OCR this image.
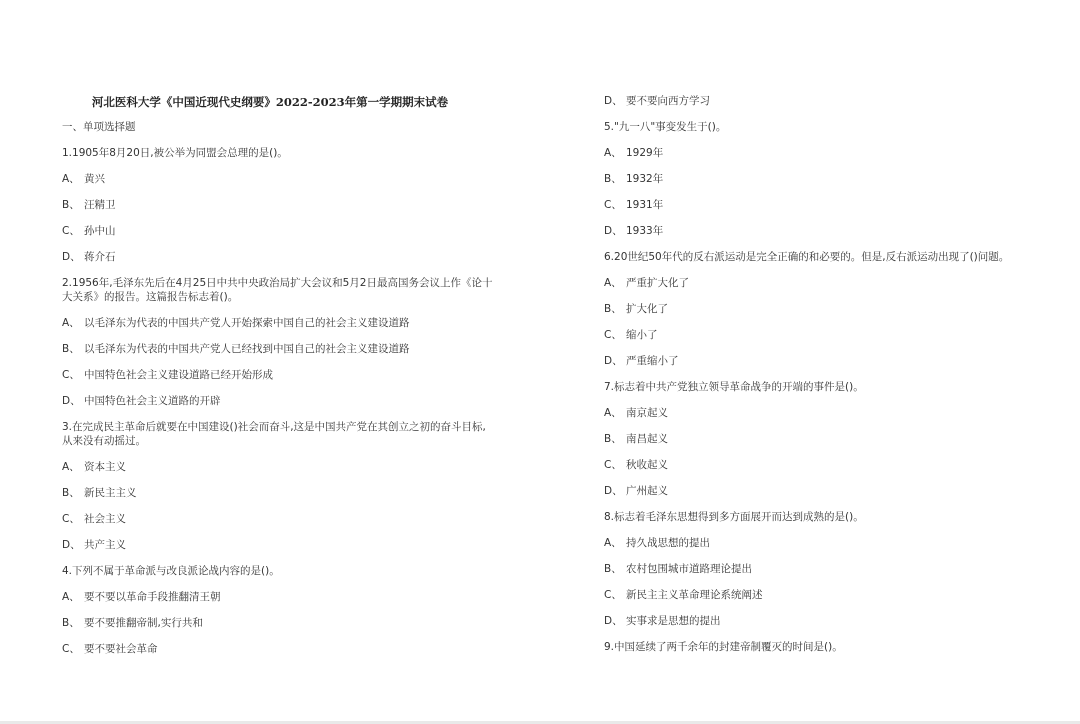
河北医科大学《中国近现代史纲要》2022-2023年第一学期期末试卷
一、单项选择题
1.1905年8月20日,被公举为同盟会总理的是()。
A、 黄兴
B、 汪精卫
C、 孙中山
D、 蒋介石
2.1956年,毛泽东先后在4月25日中共中央政治局扩大会议和5月2日最高国务会议上作《论十大关系》的报告。这篇报告标志着()。
A、 以毛泽东为代表的中国共产党人开始探索中国自己的社会主义建设道路
B、 以毛泽东为代表的中国共产党人已经找到中国自己的社会主义建设道路
C、 中国特色社会主义建设道路已经开始形成
D、 中国特色社会主义道路的开辟
3.在完成民主革命后就要在中国建设()社会而奋斗,这是中国共产党在其创立之初的奋斗目标,从来没有动摇过。
A、 资本主义
B、 新民主主义
C、 社会主义
D、 共产主义
4.下列不属于革命派与改良派论战内容的是()。
A、 要不要以革命手段推翻清王朝
B、 要不要推翻帝制,实行共和
C、 要不要社会革命
D、 要不要向西方学习
5."九一八"事变发生于()。
A、 1929年
B、 1932年
C、 1931年
D、 1933年
6.20世纪50年代的反右派运动是完全正确的和必要的。但是,反右派运动出现了()问题。
A、 严重扩大化了
B、 扩大化了
C、 缩小了
D、 严重缩小了
7.标志着中共产党独立领导革命战争的开端的事件是()。
A、 南京起义
B、 南昌起义
C、 秋收起义
D、 广州起义
8.标志着毛泽东思想得到多方面展开而达到成熟的是()。
A、 持久战思想的提出
B、 农村包围城市道路理论提出
C、 新民主主义革命理论系统阐述
D、 实事求是思想的提出
9.中国延续了两千余年的封建帝制覆灭的时间是()。
